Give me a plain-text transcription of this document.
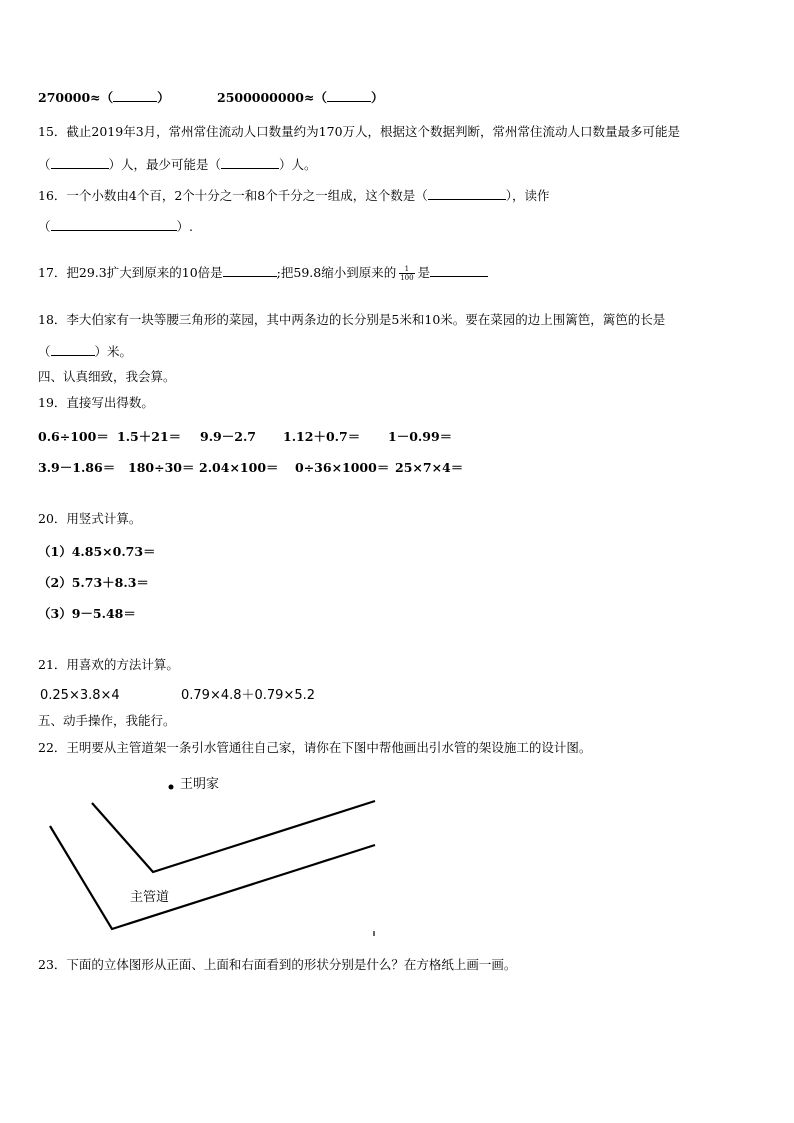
270000≈（	）	2500000000≈（	）
15．截止2019年3月，常州常住流动人口数量约为170万人，根据这个数据判断，常州常住流动人口数量最多可能是
（	）人，最少可能是（	）人。
16．一个小数由4个百，2个十分之一和8个千分之一组成，这个数是（	），读作
（	）.
17．把29.3扩大到原来的10倍是	;把59.8缩小到原来的 $\frac{1}{100}$ 是
18．李大伯家有一块等腰三角形的菜园，其中两条边的长分别是5米和10米。要在菜园的边上围篱笆，篱笆的长是
（	）米。
四、认真细致，我会算。
19．直接写出得数。
0.6÷100＝ 1.5＋21＝ 9.9－2.7 1.12＋0.7＝ 1－0.99＝
3.9－1.86＝ 180÷30＝ 2.04×100＝ 0÷36×1000＝ 25×7×4＝
20．用竖式计算。
（1）4.85×0.73＝
（2）5.73＋8.3＝
（3）9－5.48＝
21．用喜欢的方法计算。
0.25×3.8×4	0.79×4.8＋0.79×5.2
五、动手操作，我能行。
22．王明要从主管道架一条引水管通往自己家，请你在下图中帮他画出引水管的架设施工的设计图。
王明家
主管道
23．下面的立体图形从正面、上面和右面看到的形状分别是什么？在方格纸上画一画。
